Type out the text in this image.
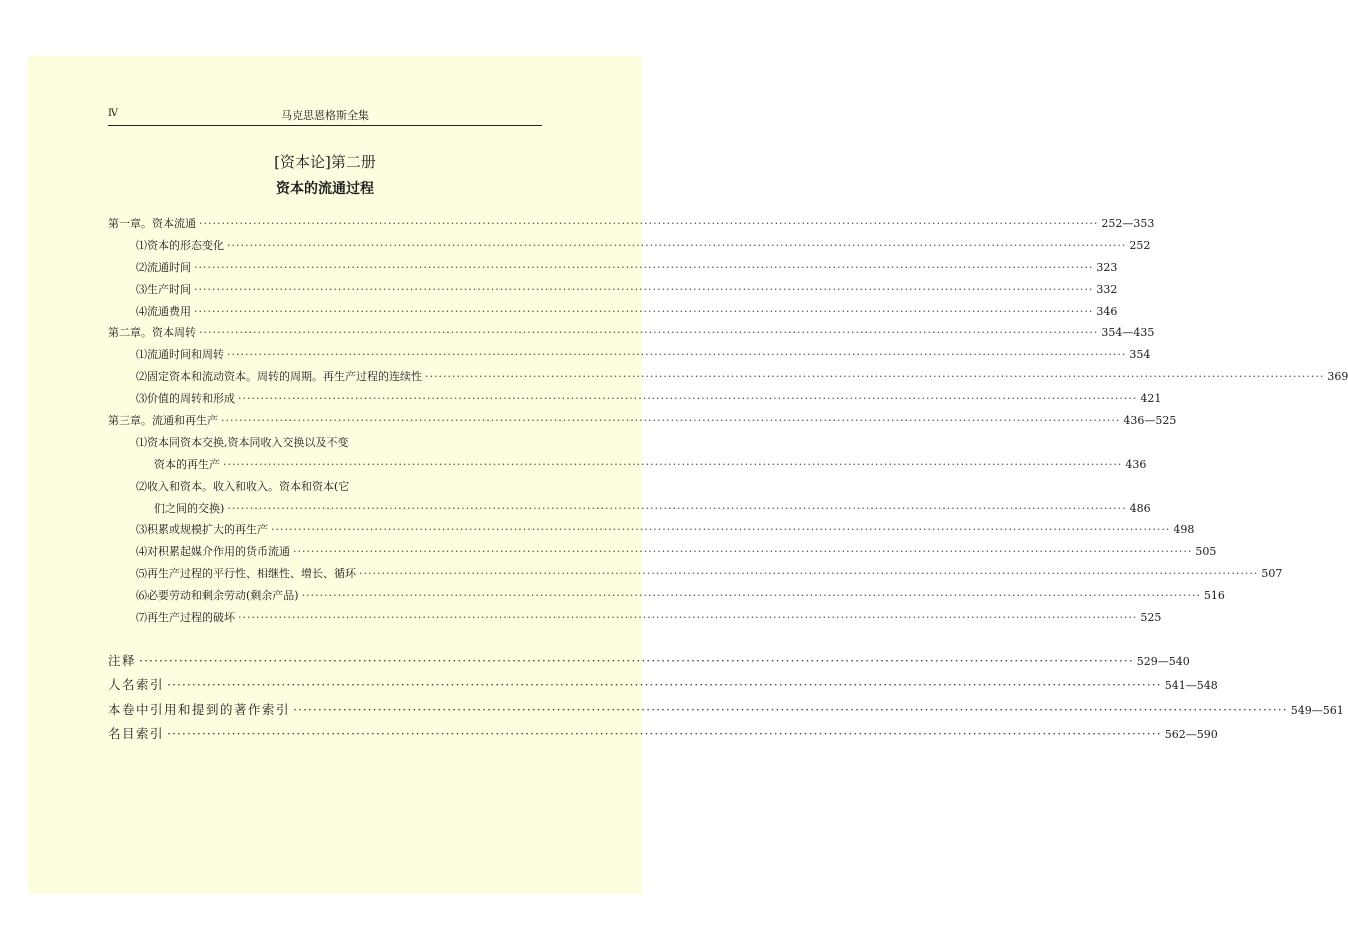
Ⅳ	马克思恩格斯全集
[资本论]第二册
资本的流通过程
第一章。资本流通 ········································································································································································································ 252—353
⑴资本的形态变化 ········································································································································································································ 252
⑵流通时间 ········································································································································································································ 323
⑶生产时间 ········································································································································································································ 332
⑷流通费用 ········································································································································································································ 346
第二章。资本周转 ········································································································································································································ 354—435
⑴流通时间和周转 ········································································································································································································ 354
⑵固定资本和流动资本。周转的周期。再生产过程的连续性 ········································································································································································································ 369
⑶价值的周转和形成 ········································································································································································································ 421
第三章。流通和再生产 ········································································································································································································ 436—525
⑴资本同资本交换,资本同收入交换以及不变
资本的再生产 ········································································································································································································ 436
⑵收入和资本。收入和收入。资本和资本(它
们之间的交换) ········································································································································································································ 486
⑶积累或规模扩大的再生产 ········································································································································································································ 498
⑷对积累起媒介作用的货币流通 ········································································································································································································ 505
⑸再生产过程的平行性、相继性、增长、循环 ········································································································································································································ 507
⑹必要劳动和剩余劳动(剩余产品) ········································································································································································································ 516
⑺再生产过程的破坏 ········································································································································································································ 525
注释 ········································································································································································································ 529—540
人名索引 ········································································································································································································ 541—548
本卷中引用和提到的著作索引 ········································································································································································································ 549—561
名目索引 ········································································································································································································ 562—590
